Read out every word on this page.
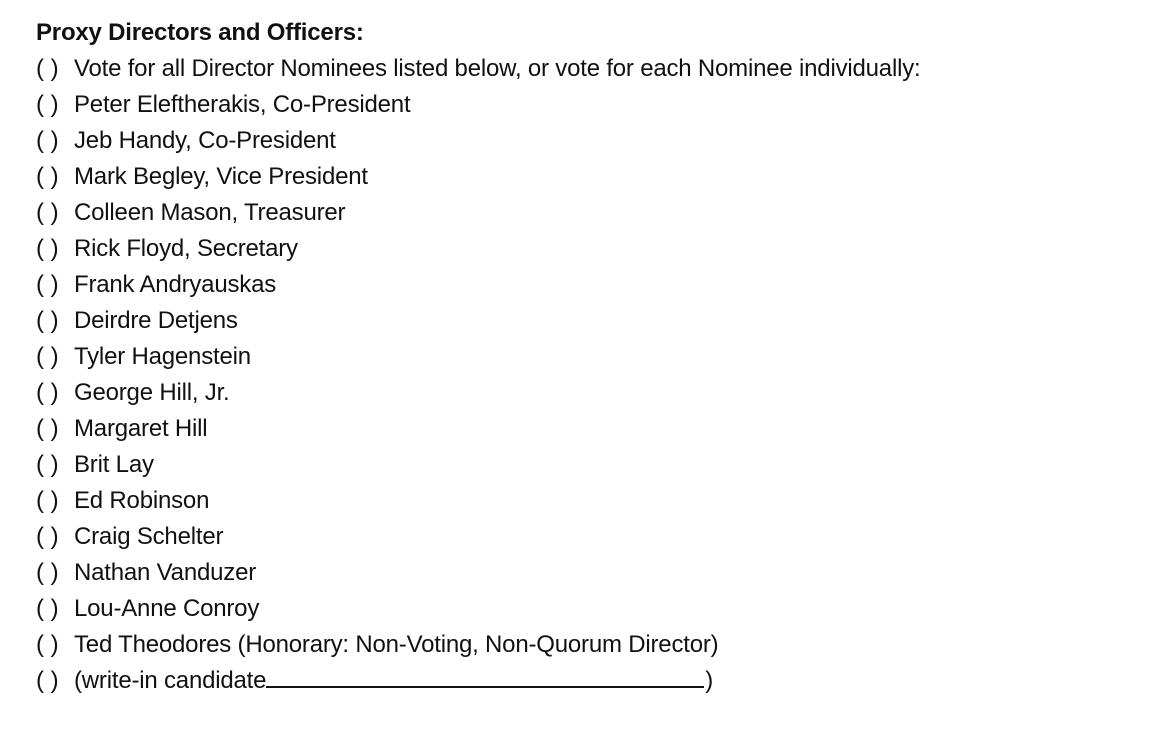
Proxy Directors and Officers:
( ) Vote for all Director Nominees listed below, or vote for each Nominee individually:
( ) Peter Eleftherakis, Co-President
( ) Jeb Handy, Co-President
( ) Mark Begley, Vice President
( ) Colleen Mason, Treasurer
( ) Rick Floyd, Secretary
( ) Frank Andryauskas
( ) Deirdre Detjens
( ) Tyler Hagenstein
( ) George Hill, Jr.
( ) Margaret Hill
( ) Brit Lay
( ) Ed Robinson
( ) Craig Schelter
( ) Nathan Vanduzer
( ) Lou-Anne Conroy
( ) Ted Theodores (Honorary: Non-Voting, Non-Quorum Director)
( ) (write-in candidate	)
